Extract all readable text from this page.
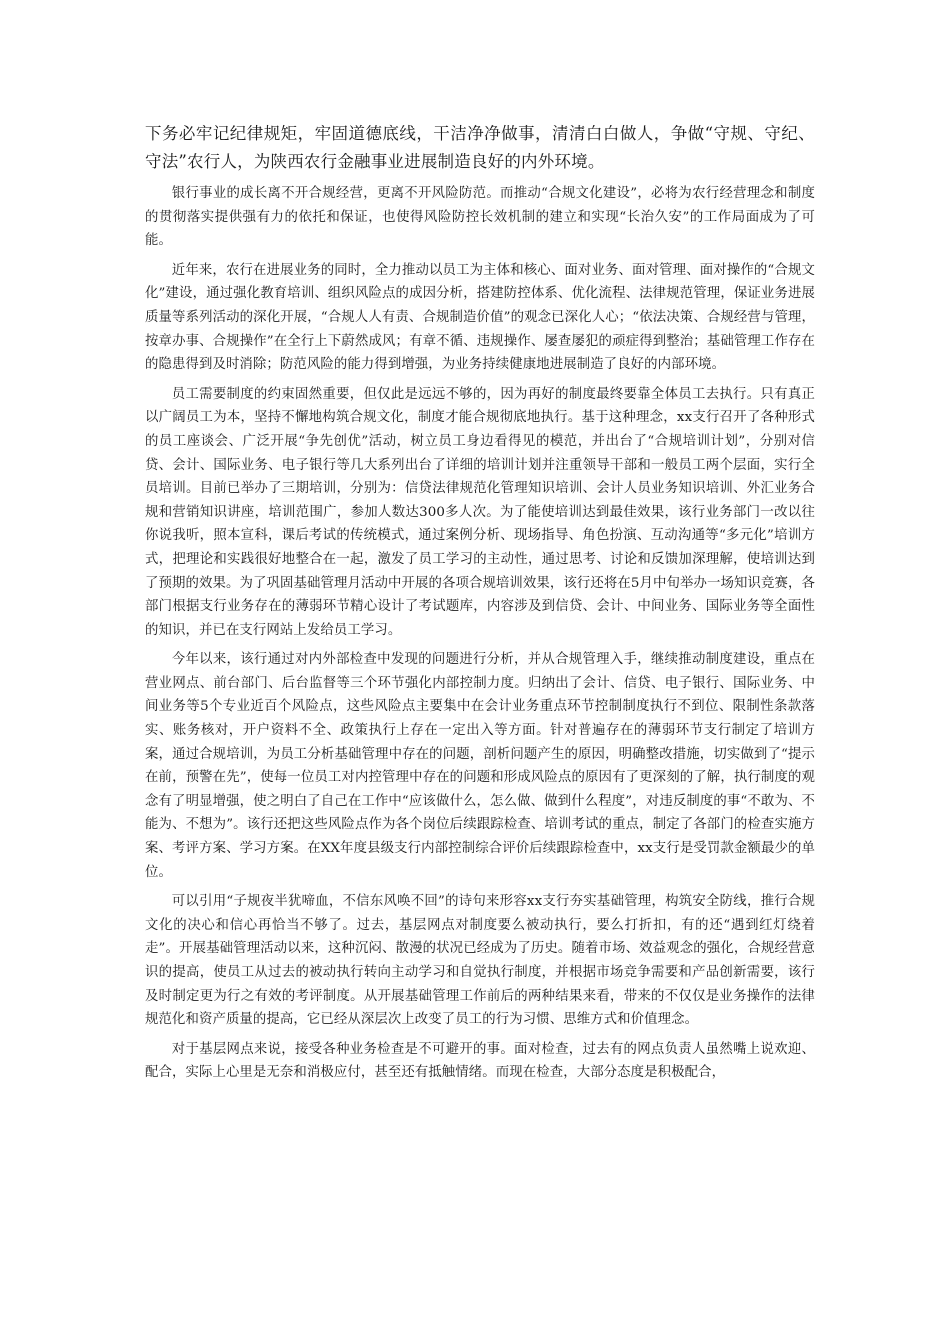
下务必牢记纪律规矩，牢固道德底线，干洁净净做事，清清白白做人，争做“守规、守纪、守法”农行人，为陕西农行金融事业进展制造良好的内外环境。

银行事业的成长离不开合规经营，更离不开风险防范。而推动“合规文化建设”，必将为农行经营理念和制度的贯彻落实提供强有力的依托和保证，也使得风险防控长效机制的建立和实现“长治久安”的工作局面成为了可能。

近年来，农行在进展业务的同时，全力推动以员工为主体和核心、面对业务、面对管理、面对操作的“合规文化”建设，通过强化教育培训、组织风险点的成因分析，搭建防控体系、优化流程、法律规范管理，保证业务进展质量等系列活动的深化开展，“合规人人有责、合规制造价值”的观念已深化人心；“依法决策、合规经营与管理，按章办事、合规操作”在全行上下蔚然成风；有章不循、违规操作、屡查屡犯的顽症得到整治；基础管理工作存在的隐患得到及时消除；防范风险的能力得到增强，为业务持续健康地进展制造了良好的内部环境。

员工需要制度的约束固然重要，但仅此是远远不够的，因为再好的制度最终要靠全体员工去执行。只有真正以广阔员工为本，坚持不懈地构筑合规文化，制度才能合规彻底地执行。基于这种理念，xx支行召开了各种形式的员工座谈会、广泛开展“争先创优”活动，树立员工身边看得见的模范，并出台了“合规培训计划”，分别对信贷、会计、国际业务、电子银行等几大系列出台了详细的培训计划并注重领导干部和一般员工两个层面，实行全员培训。目前已举办了三期培训，分别为：信贷法律规范化管理知识培训、会计人员业务知识培训、外汇业务合规和营销知识讲座，培训范围广，参加人数达300多人次。为了能使培训达到最佳效果，该行业务部门一改以往你说我听，照本宣科，课后考试的传统模式，通过案例分析、现场指导、角色扮演、互动沟通等“多元化”培训方式，把理论和实践很好地整合在一起，激发了员工学习的主动性，通过思考、讨论和反馈加深理解，使培训达到了预期的效果。为了巩固基础管理月活动中开展的各项合规培训效果，该行还将在5月中旬举办一场知识竞赛，各部门根据支行业务存在的薄弱环节精心设计了考试题库，内容涉及到信贷、会计、中间业务、国际业务等全面性的知识，并已在支行网站上发给员工学习。

今年以来，该行通过对内外部检查中发现的问题进行分析，并从合规管理入手，继续推动制度建设，重点在营业网点、前台部门、后台监督等三个环节强化内部控制力度。归纳出了会计、信贷、电子银行、国际业务、中间业务等5个专业近百个风险点，这些风险点主要集中在会计业务重点环节控制制度执行不到位、限制性条款落实、账务核对，开户资料不全、政策执行上存在一定出入等方面。针对普遍存在的薄弱环节支行制定了培训方案，通过合规培训，为员工分析基础管理中存在的问题，剖析问题产生的原因，明确整改措施，切实做到了“提示在前，预警在先”，使每一位员工对内控管理中存在的问题和形成风险点的原因有了更深刻的了解，执行制度的观念有了明显增强，使之明白了自己在工作中“应该做什么，怎么做、做到什么程度”，对违反制度的事“不敢为、不能为、不想为”。该行还把这些风险点作为各个岗位后续跟踪检查、培训考试的重点，制定了各部门的检查实施方案、考评方案、学习方案。在XX年度县级支行内部控制综合评价后续跟踪检查中，xx支行是受罚款金额最少的单位。

可以引用“子规夜半犹啼血，不信东风唤不回”的诗句来形容xx支行夯实基础管理，构筑安全防线，推行合规文化的决心和信心再恰当不够了。过去，基层网点对制度要么被动执行，要么打折扣，有的还“遇到红灯绕着走”。开展基础管理活动以来，这种沉闷、散漫的状况已经成为了历史。随着市场、效益观念的强化，合规经营意识的提高，使员工从过去的被动执行转向主动学习和自觉执行制度，并根据市场竞争需要和产品创新需要，该行及时制定更为行之有效的考评制度。从开展基础管理工作前后的两种结果来看，带来的不仅仅是业务操作的法律规范化和资产质量的提高，它已经从深层次上改变了员工的行为习惯、思维方式和价值理念。

对于基层网点来说，接受各种业务检查是不可避开的事。面对检查，过去有的网点负责人虽然嘴上说欢迎、配合，实际上心里是无奈和消极应付，甚至还有抵触情绪。而现在检查，大部分态度是积极配合，
